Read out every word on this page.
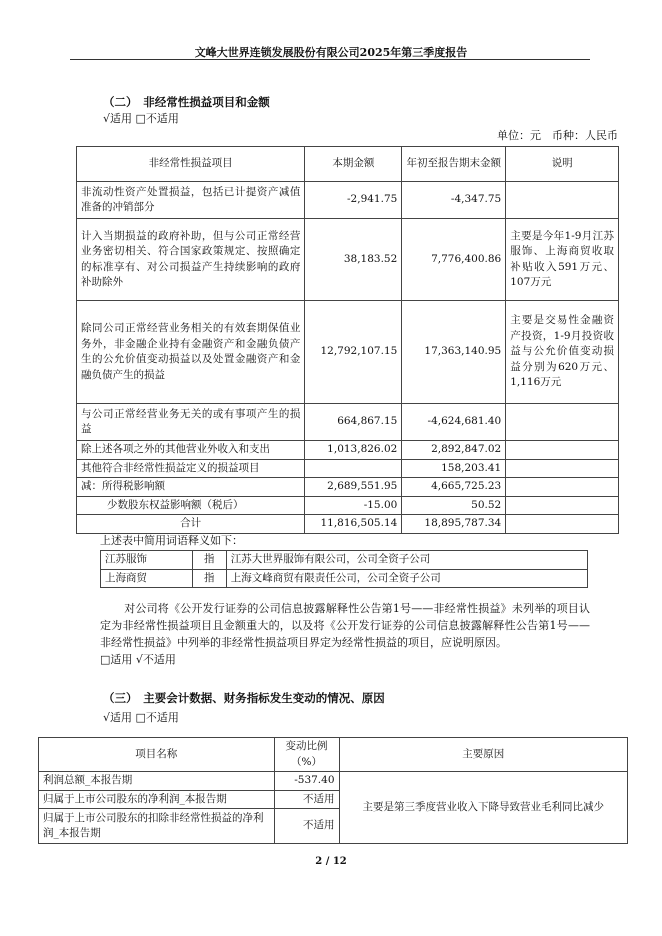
文峰大世界连锁发展股份有限公司2025年第三季度报告
（二）　非经常性损益项目和金额
√适用 □不适用
单位：元　币种：人民币
非经常性损益项目	本期金额	年初至报告期末金额	说明
非流动性资产处置损益，包括已计提资产减值准备的冲销部分	-2,941.75	-4,347.75	
计入当期损益的政府补助，但与公司正常经营业务密切相关、符合国家政策规定、按照确定的标准享有、对公司损益产生持续影响的政府补助除外	38,183.52	7,776,400.86	主要是今年1-9月江苏服饰、上海商贸收取补贴收入591万元、107万元
除同公司正常经营业务相关的有效套期保值业务外，非金融企业持有金融资产和金融负债产生的公允价值变动损益以及处置金融资产和金融负债产生的损益	12,792,107.15	17,363,140.95	主要是交易性金融资产投资，1-9月投资收益与公允价值变动损益分别为620万元、1,116万元
与公司正常经营业务无关的或有事项产生的损益	664,867.15	-4,624,681.40	
除上述各项之外的其他营业外收入和支出	1,013,826.02	2,892,847.02	
其他符合非经常性损益定义的损益项目		158,203.41	
减：所得税影响额	2,689,551.95	4,665,725.23	
少数股东权益影响额（税后）	-15.00	50.52	
合计	11,816,505.14	18,895,787.34	
上述表中简用词语释义如下：
江苏服饰	指	江苏大世界服饰有限公司，公司全资子公司
上海商贸	指	上海文峰商贸有限责任公司，公司全资子公司
对公司将《公开发行证券的公司信息披露解释性公告第1号——非经常性损益》未列举的项目认定为非经常性损益项目且金额重大的，以及将《公开发行证券的公司信息披露解释性公告第1号——非经常性损益》中列举的非经常性损益项目界定为经常性损益的项目，应说明原因。
□适用 √不适用
（三）　主要会计数据、财务指标发生变动的情况、原因
√适用 □不适用
项目名称	变动比例（%）	主要原因
利润总额_本报告期	-537.40	主要是第三季度营业收入下降导致营业毛利同比减少
归属于上市公司股东的净利润_本报告期	不适用	
归属于上市公司股东的扣除非经常性损益的净利润_本报告期	不适用	
2 / 12
